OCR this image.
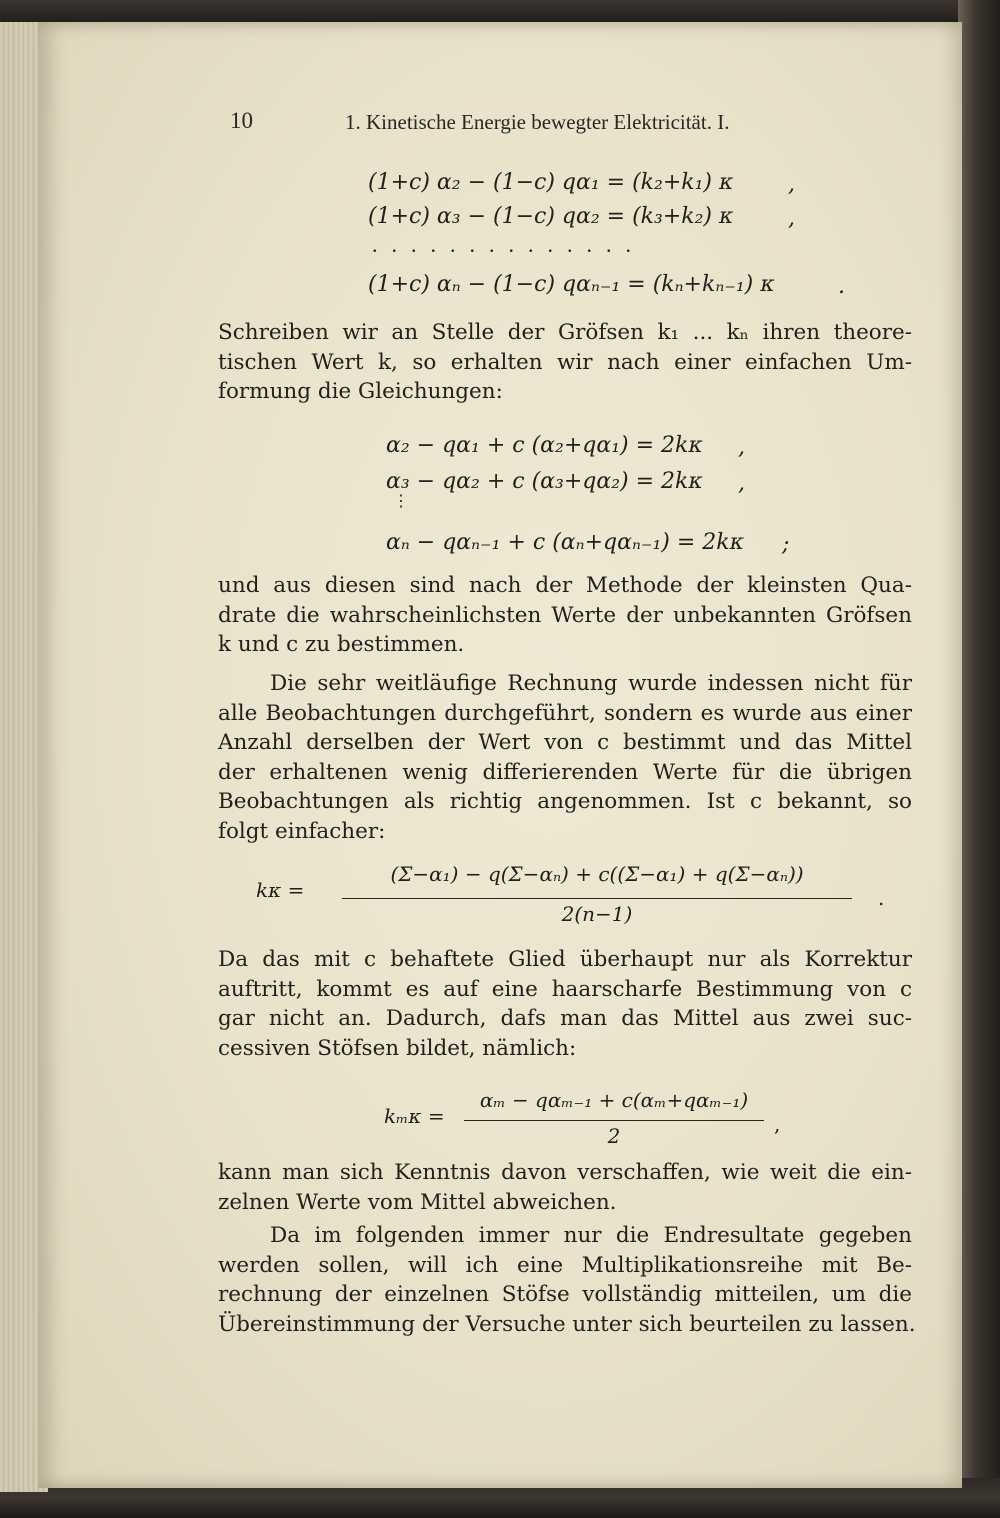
10	1. Kinetische Energie bewegter Elektricität. I.
(1+c) α₂ − (1−c) qα₁ = (k₂+k₁) κ ,
(1+c) α₃ − (1−c) qα₂ = (k₃+k₂) κ ,
..............
(1+c) αₙ − (1−c) qαₙ₋₁ = (kₙ+kₙ₋₁) κ	.
Schreiben wir an Stelle der Gröfsen k₁ ... kₙ ihren theore-
tischen Wert k, so erhalten wir nach einer einfachen Um-
formung die Gleichungen:
α₂ − qα₁ + c (α₂+qα₁) = 2kκ ,
α₃ − qα₂ + c (α₃+qα₂) = 2kκ ,
⋮
αₙ − qαₙ₋₁ + c (αₙ+qαₙ₋₁) = 2kκ ;
und aus diesen sind nach der Methode der kleinsten Qua-
drate die wahrscheinlichsten Werte der unbekannten Gröfsen
k und c zu bestimmen.
Die sehr weitläufige Rechnung wurde indessen nicht für
alle Beobachtungen durchgeführt, sondern es wurde aus einer
Anzahl derselben der Wert von c bestimmt und das Mittel
der erhaltenen wenig differierenden Werte für die übrigen
Beobachtungen als richtig angenommen. Ist c bekannt, so
folgt einfacher:
kκ =
(Σ−α₁) − q(Σ−αₙ) + c((Σ−α₁) + q(Σ−αₙ))
2(n−1)
.
Da das mit c behaftete Glied überhaupt nur als Korrektur
auftritt, kommt es auf eine haarscharfe Bestimmung von c
gar nicht an. Dadurch, dafs man das Mittel aus zwei suc-
cessiven Stöfsen bildet, nämlich:
kₘκ =
αₘ − qαₘ₋₁ + c(αₘ+qαₘ₋₁)
2	,
kann man sich Kenntnis davon verschaffen, wie weit die ein-
zelnen Werte vom Mittel abweichen.
Da im folgenden immer nur die Endresultate gegeben
werden sollen, will ich eine Multiplikationsreihe mit Be-
rechnung der einzelnen Stöfse vollständig mitteilen, um die
Übereinstimmung der Versuche unter sich beurteilen zu lassen.
